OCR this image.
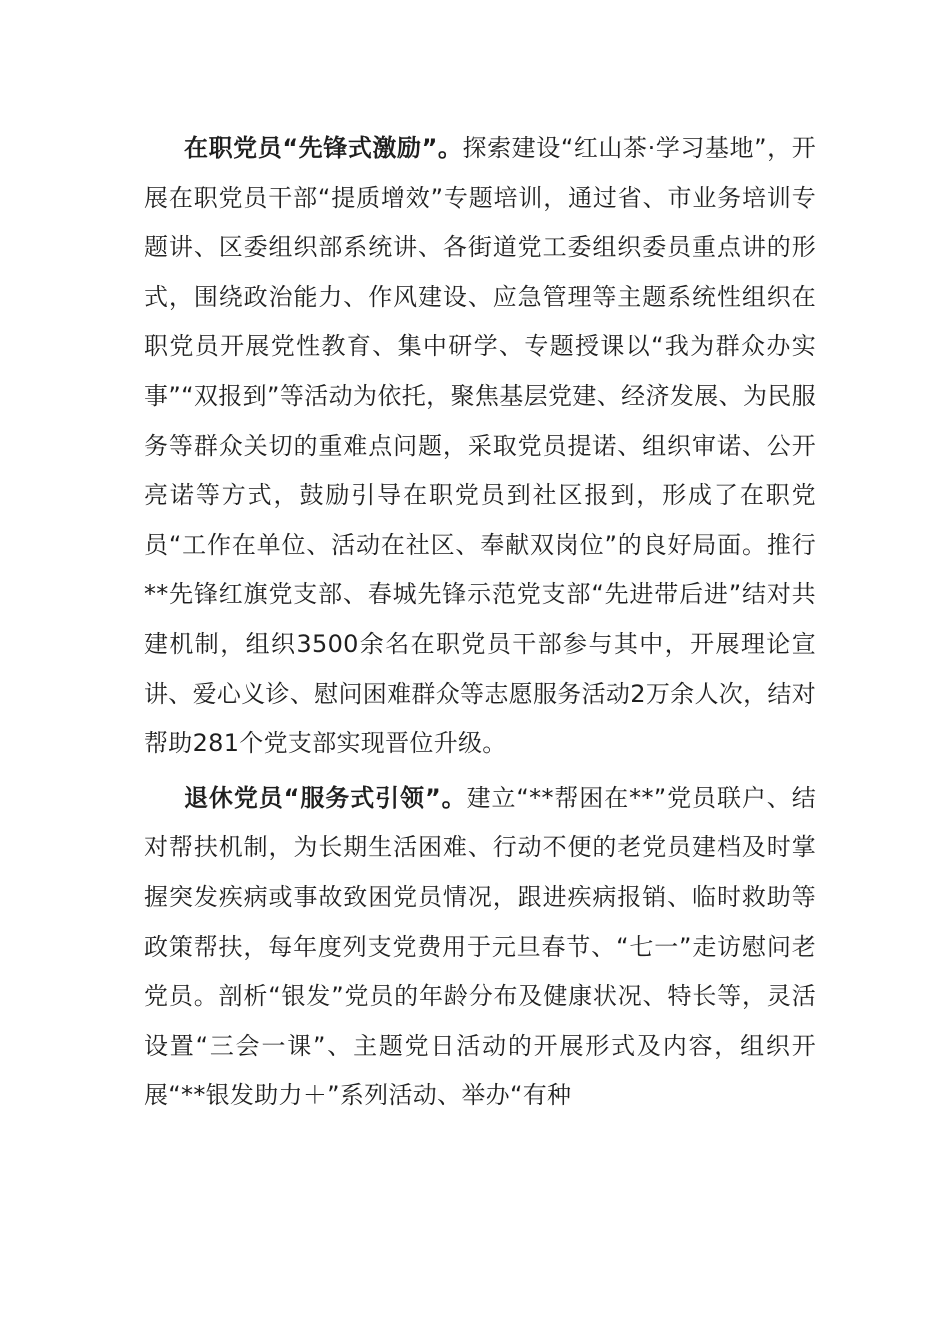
在职党员“先锋式激励”。探索建设“红山茶·学习基地”，开展在职党员干部“提质增效”专题培训，通过省、市业务培训专题讲、区委组织部系统讲、各街道党工委组织委员重点讲的形式，围绕政治能力、作风建设、应急管理等主题系统性组织在职党员开展党性教育、集中研学、专题授课以“我为群众办实事”“双报到”等活动为依托，聚焦基层党建、经济发展、为民服务等群众关切的重难点问题，采取党员提诺、组织审诺、公开亮诺等方式，鼓励引导在职党员到社区报到，形成了在职党员“工作在单位、活动在社区、奉献双岗位”的良好局面。推行**先锋红旗党支部、春城先锋示范党支部“先进带后进”结对共建机制，组织3500余名在职党员干部参与其中，开展理论宣讲、爱心义诊、慰问困难群众等志愿服务活动2万余人次，结对帮助281个党支部实现晋位升级。

退休党员“服务式引领”。建立“**帮困在**”党员联户、结对帮扶机制，为长期生活困难、行动不便的老党员建档及时掌握突发疾病或事故致困党员情况，跟进疾病报销、临时救助等政策帮扶，每年度列支党费用于元旦春节、“七一”走访慰问老党员。剖析“银发”党员的年龄分布及健康状况、特长等，灵活设置“三会一课”、主题党日活动的开展形式及内容，组织开展“**银发助力＋”系列活动、举办“有种
